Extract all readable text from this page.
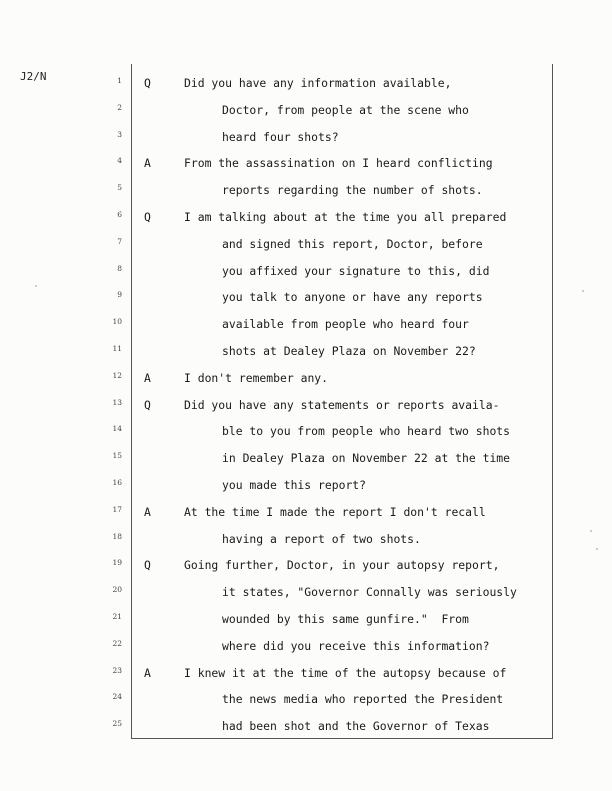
J2/N	1 Q	Did you have any information available,
2	Doctor, from people at the scene who
3	heard four shots?
4 A	From the assassination on I heard conflicting
5	reports regarding the number of shots.
6 Q	I am talking about at the time you all prepared
7	and signed this report, Doctor, before
8	you affixed your signature to this, did
9	you talk to anyone or have any reports
10	available from people who heard four
11	shots at Dealey Plaza on November 22?
12 A	I don't remember any.
13 Q	Did you have any statements or reports availa-
14	ble to you from people who heard two shots
15	in Dealey Plaza on November 22 at the time
16	you made this report?
17 A	At the time I made the report I don't recall
18	having a report of two shots.
19 Q	Going further, Doctor, in your autopsy report,
20	it states, "Governor Connally was seriously
21	wounded by this same gunfire."  From
22	where did you receive this information?
23 A	I knew it at the time of the autopsy because of
24	the news media who reported the President
25	had been shot and the Governor of Texas
